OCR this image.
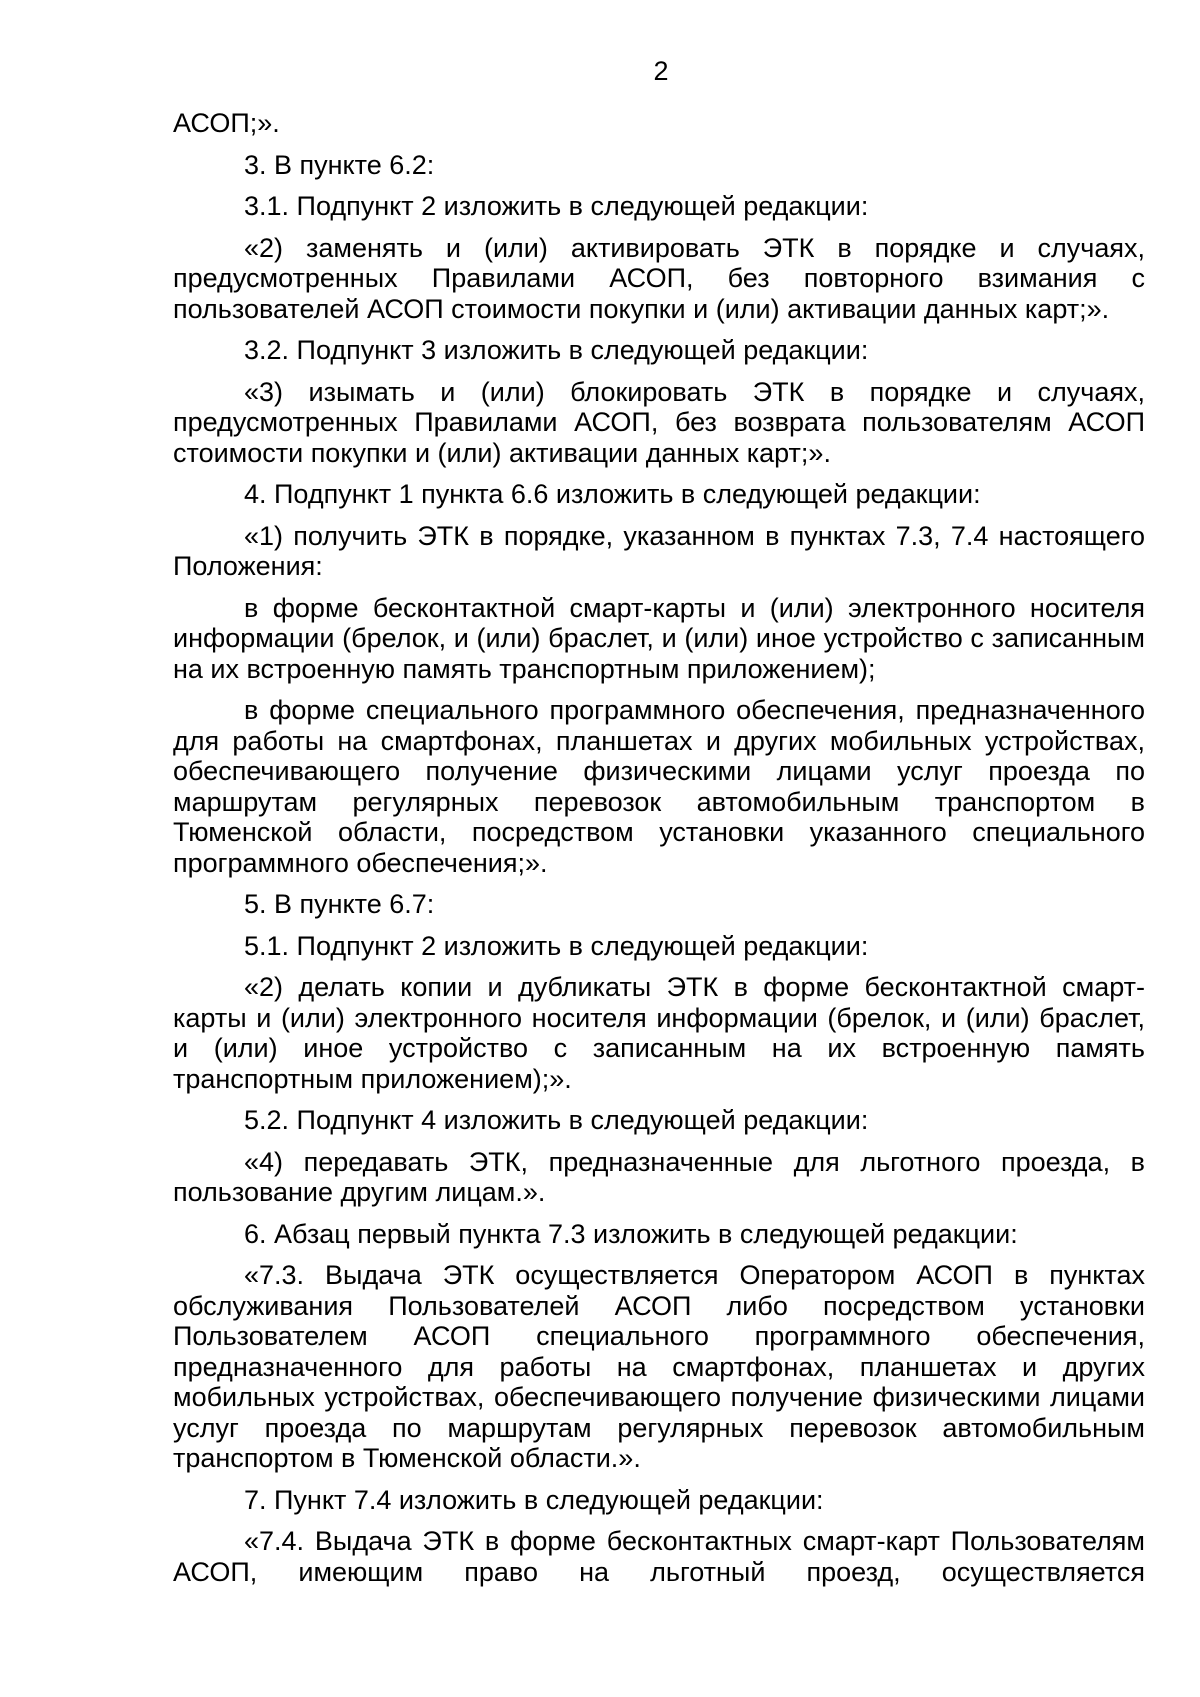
2

АСОП;».

3. В пункте 6.2:

3.1. Подпункт 2 изложить в следующей редакции:

«2) заменять и (или) активировать ЭТК в порядке и случаях, предусмотренных Правилами АСОП, без повторного взимания с пользователей АСОП стоимости покупки и (или) активации данных карт;».

3.2. Подпункт 3 изложить в следующей редакции:

«3) изымать и (или) блокировать ЭТК в порядке и случаях, предусмотренных Правилами АСОП, без возврата пользователям АСОП стоимости покупки и (или) активации данных карт;».

4. Подпункт 1 пункта 6.6 изложить в следующей редакции:

«1) получить ЭТК в порядке, указанном в пунктах 7.3, 7.4 настоящего Положения:

в форме бесконтактной смарт-карты и (или) электронного носителя информации (брелок, и (или) браслет, и (или) иное устройство с записанным на их встроенную память транспортным приложением);

в форме специального программного обеспечения, предназначенного для работы на смартфонах, планшетах и других мобильных устройствах, обеспечивающего получение физическими лицами услуг проезда по маршрутам регулярных перевозок автомобильным транспортом в Тюменской области, посредством установки указанного специального программного обеспечения;».

5. В пункте 6.7:

5.1. Подпункт 2 изложить в следующей редакции:

«2) делать копии и дубликаты ЭТК в форме бесконтактной смарт-карты и (или) электронного носителя информации (брелок, и (или) браслет, и (или) иное устройство с записанным на их встроенную память транспортным приложением);».

5.2. Подпункт 4 изложить в следующей редакции:

«4) передавать ЭТК, предназначенные для льготного проезда, в пользование другим лицам.».

6. Абзац первый пункта 7.3 изложить в следующей редакции:

«7.3. Выдача ЭТК осуществляется Оператором АСОП в пунктах обслуживания Пользователей АСОП либо посредством установки Пользователем АСОП специального программного обеспечения, предназначенного для работы на смартфонах, планшетах и других мобильных устройствах, обеспечивающего получение физическими лицами услуг проезда по маршрутам регулярных перевозок автомобильным транспортом в Тюменской области.».

7. Пункт 7.4 изложить в следующей редакции:

«7.4. Выдача ЭТК в форме бесконтактных смарт-карт Пользователям АСОП, имеющим право на льготный проезд, осуществляется
